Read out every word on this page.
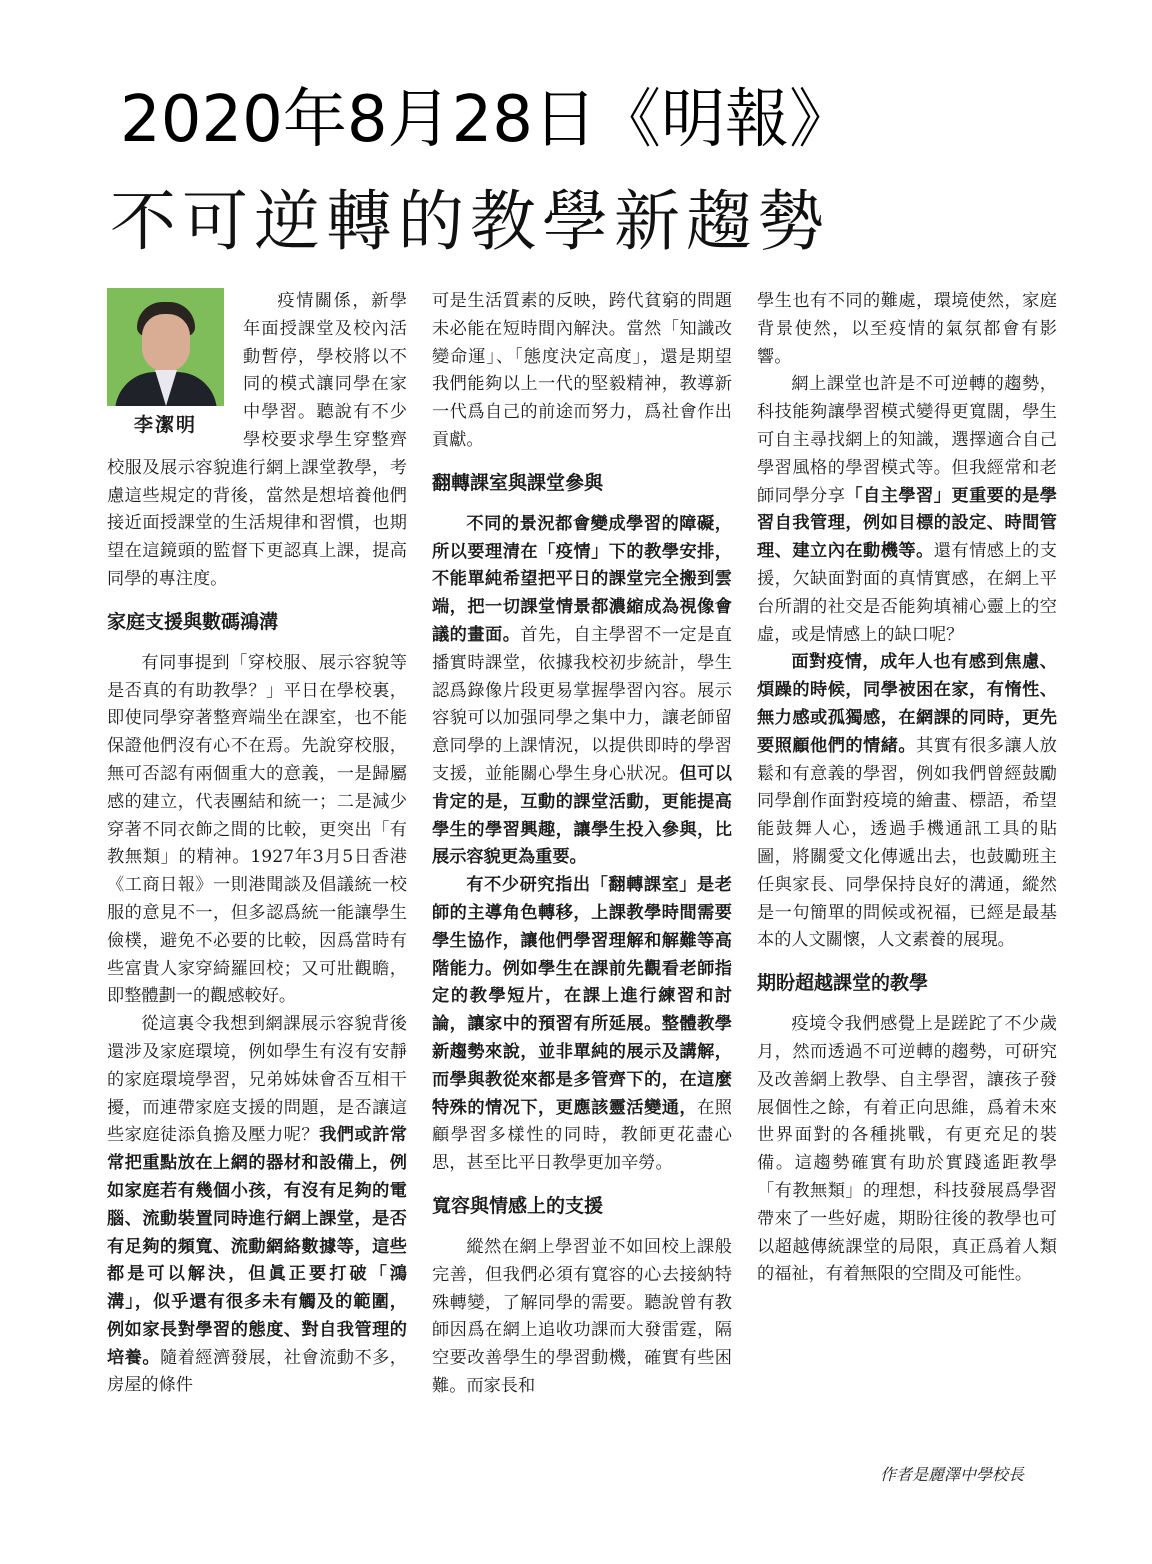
2020年8月28日《明報》
不可逆轉的教學新趨勢
李潔明

疫情關係，新學年面授課堂及校內活動暫停，學校將以不同的模式讓同學在家中學習。聽說有不少學校要求學生穿整齊校服及展示容貌進行網上課堂教學，考慮這些規定的背後，當然是想培養他們接近面授課堂的生活規律和習慣，也期望在這鏡頭的監督下更認真上課，提高同學的專注度。

家庭支援與數碼鴻溝

有同事提到「穿校服、展示容貌等是否真的有助教學？」平日在學校裏，即使同學穿著整齊端坐在課室，也不能保證他們沒有心不在焉。先說穿校服，無可否認有兩個重大的意義，一是歸屬感的建立，代表團結和統一；二是減少穿著不同衣飾之間的比較，更突出「有教無類」的精神。1927年3月5日香港《工商日報》一則港聞談及倡議統一校服的意見不一，但多認爲統一能讓學生儉樸，避免不必要的比較，因爲當時有些富貴人家穿綺羅回校；又可壯觀瞻，即整體劃一的觀感較好。

從這裏令我想到網課展示容貌背後還涉及家庭環境，例如學生有沒有安靜的家庭環境學習，兄弟姊妹會否互相干擾，而連帶家庭支援的問題，是否讓這些家庭徒添負擔及壓力呢？我們或許常常把重點放在上網的器材和設備上，例如家庭若有幾個小孩，有沒有足夠的電腦、流動裝置同時進行網上課堂，是否有足夠的頻寬、流動網絡數據等，這些都是可以解決，但眞正要打破「鴻溝」，似乎還有很多未有觸及的範圍，例如家長對學習的態度、對自我管理的培養。隨着經濟發展，社會流動不多，房屋的條件

可是生活質素的反映，跨代貧窮的問題未必能在短時間內解決。當然「知識改變命運」、「態度決定高度」，還是期望我們能夠以上一代的堅毅精神，教導新一代爲自己的前途而努力，爲社會作出貢獻。

翻轉課室與課堂參與

不同的景況都會變成學習的障礙，所以要理清在「疫情」下的教學安排，不能單純希望把平日的課堂完全搬到雲端，把一切課堂情景都濃縮成為視像會議的畫面。首先，自主學習不一定是直播實時課堂，依據我校初步統計，學生認爲錄像片段更易掌握學習內容。展示容貌可以加强同學之集中力，讓老師留意同學的上課情況，以提供即時的學習支援，並能關心學生身心狀况。但可以肯定的是，互動的課堂活動，更能提高學生的學習興趣，讓學生投入參與，比展示容貌更為重要。

有不少研究指出「翻轉課室」是老師的主導角色轉移，上課教學時間需要學生協作，讓他們學習理解和解難等高階能力。例如學生在課前先觀看老師指定的教學短片，在課上進行練習和討論，讓家中的預習有所延展。整體教學新趨勢來說，並非單純的展示及講解，而學與教從來都是多管齊下的，在這麼特殊的情况下，更應該靈活變通，在照顧學習多樣性的同時，教師更花盡心思，甚至比平日教學更加辛勞。

寬容與情感上的支援

縱然在網上學習並不如回校上課般完善，但我們必須有寬容的心去接納特殊轉變，了解同學的需要。聽說曾有教師因爲在網上追收功課而大發雷霆，隔空要改善學生的學習動機，確實有些困難。而家長和

學生也有不同的難處，環境使然，家庭背景使然，以至疫情的氣氛都會有影響。

網上課堂也許是不可逆轉的趨勢，科技能夠讓學習模式變得更寬闊，學生可自主尋找網上的知識，選擇適合自己學習風格的學習模式等。但我經常和老師同學分享「自主學習」更重要的是學習自我管理，例如目標的設定、時間管理、建立內在動機等。還有情感上的支援，欠缺面對面的真情實感，在網上平台所謂的社交是否能夠填補心靈上的空虛，或是情感上的缺口呢？

面對疫情，成年人也有感到焦慮、煩躁的時候，同學被困在家，有惰性、無力感或孤獨感，在網課的同時，更先要照顧他們的情緒。其實有很多讓人放鬆和有意義的學習，例如我們曾經鼓勵同學創作面對疫境的繪畫、標語，希望能鼓舞人心，透過手機通訊工具的貼圖，將關愛文化傳遞出去，也鼓勵班主任與家長、同學保持良好的溝通，縱然是一句簡單的問候或祝福，已經是最基本的人文關懷，人文素養的展現。

期盼超越課堂的教學

疫境令我們感覺上是蹉跎了不少歲月，然而透過不可逆轉的趨勢，可研究及改善網上教學、自主學習，讓孩子發展個性之餘，有着正向思維，爲着未來世界面對的各種挑戰，有更充足的裝備。這趨勢確實有助於實踐遙距教學「有教無類」的理想，科技發展爲學習帶來了一些好處，期盼往後的教學也可以超越傳統課堂的局限，真正爲着人類的福祉，有着無限的空間及可能性。

作者是麗澤中學校長
